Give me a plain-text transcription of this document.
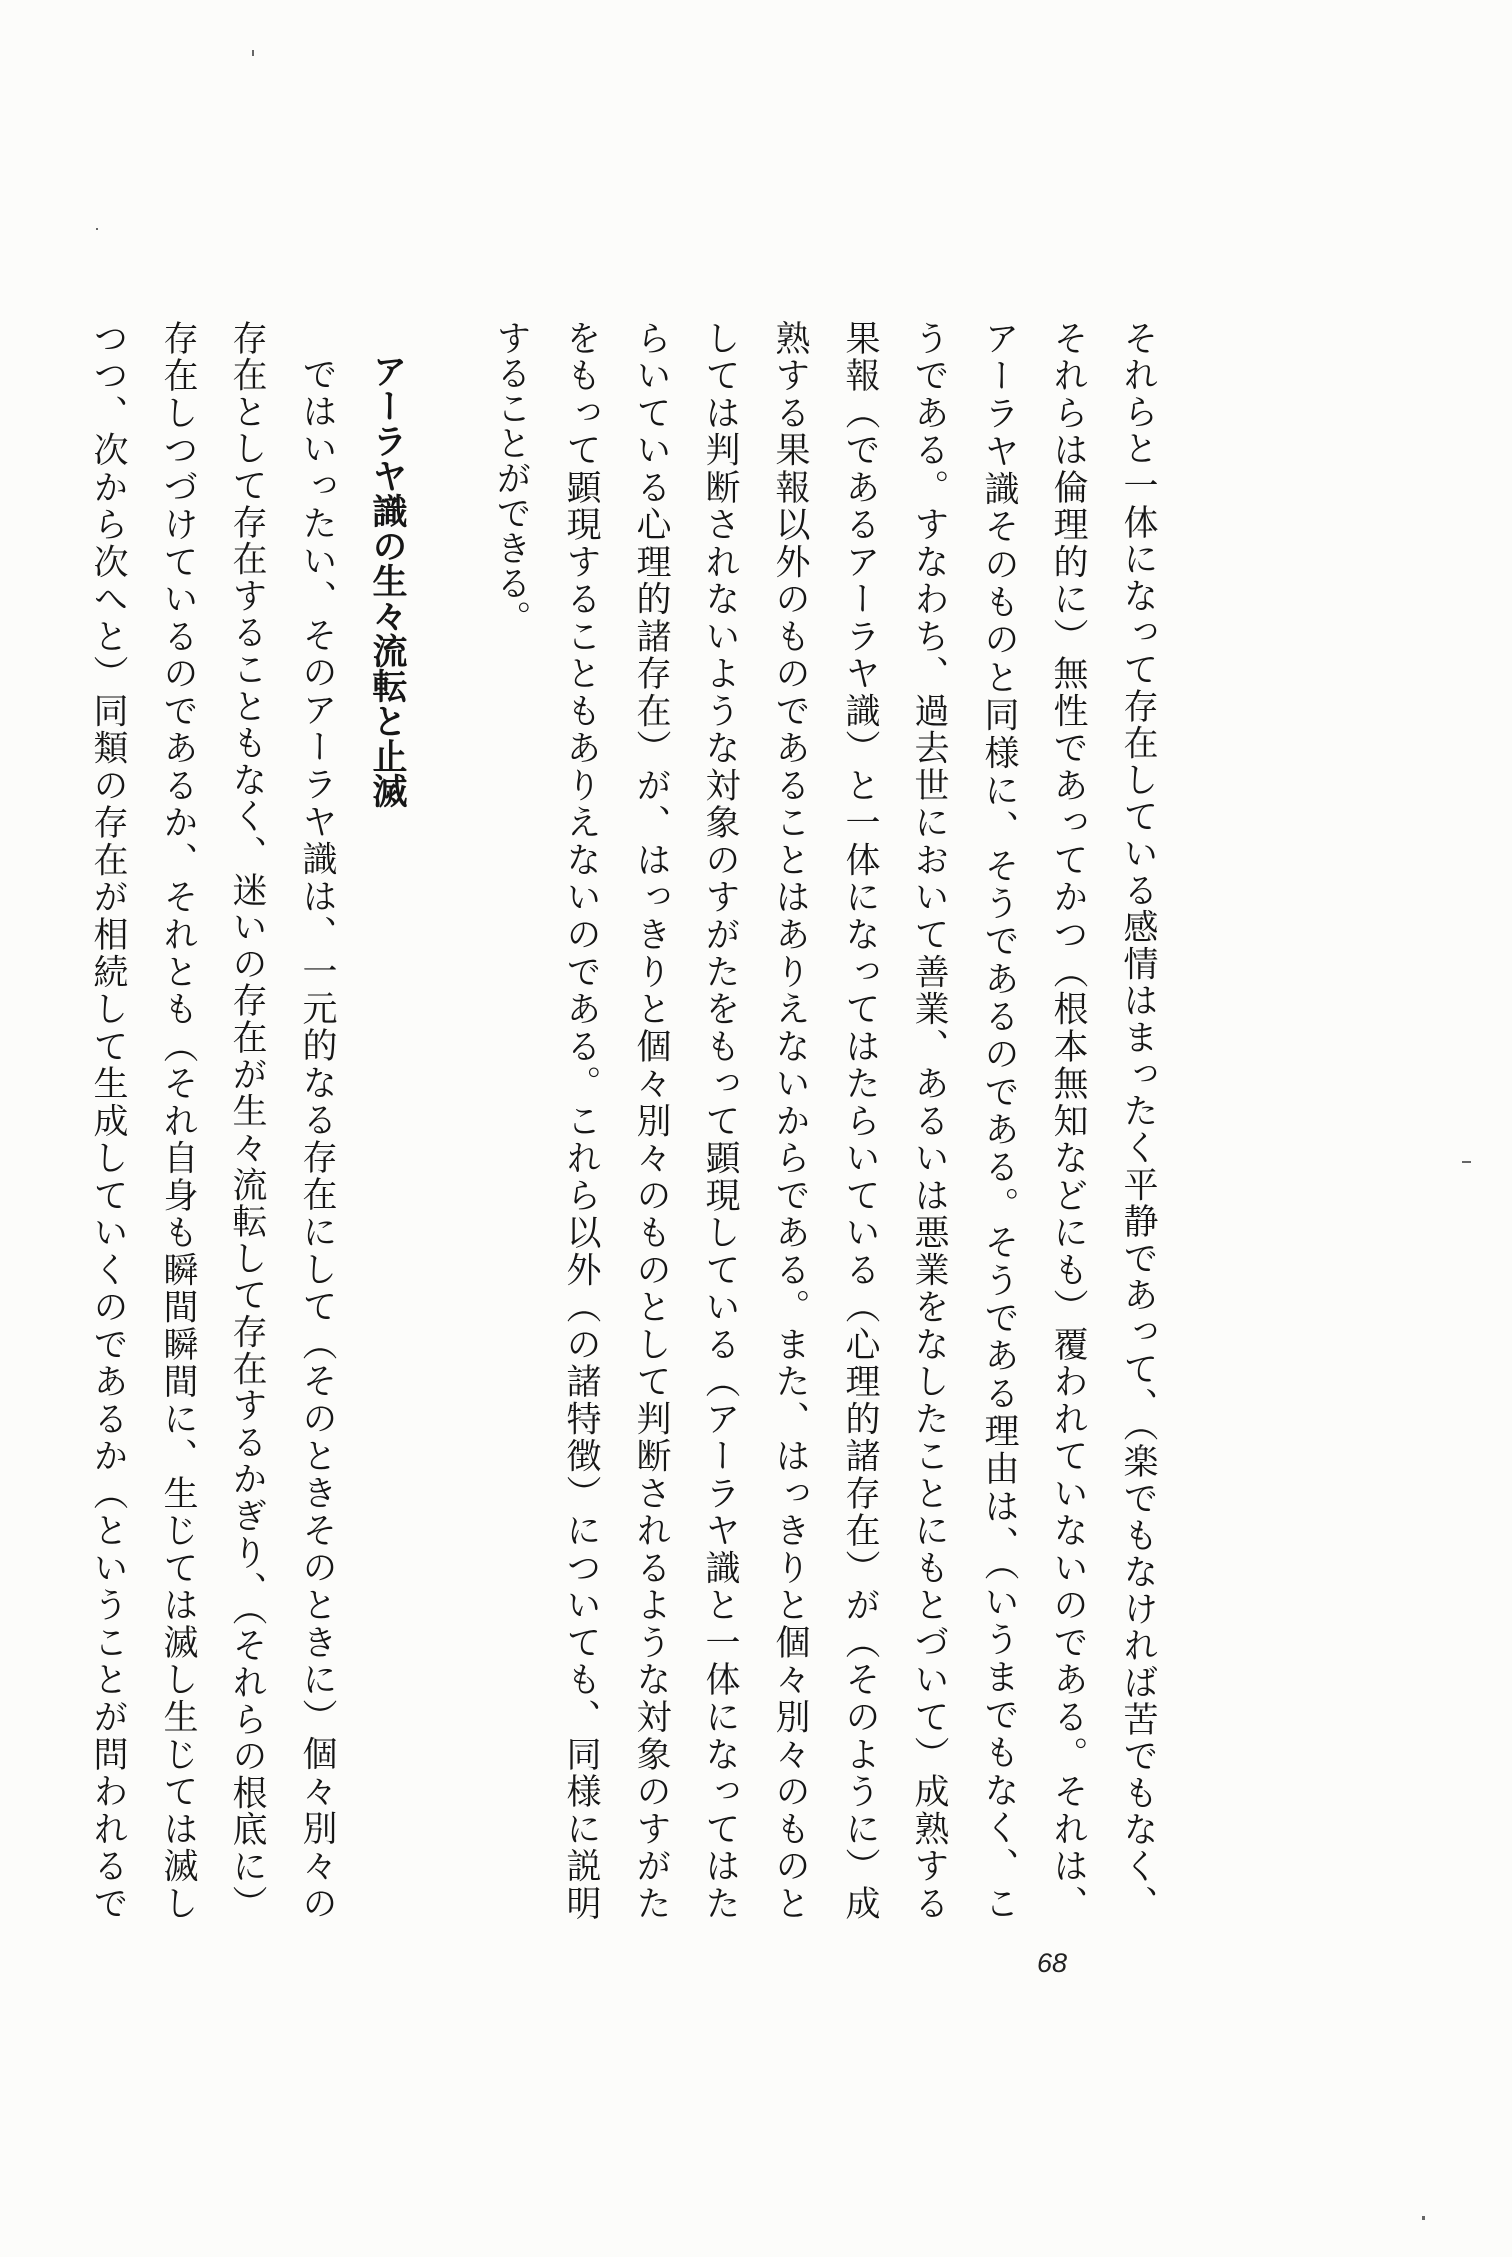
それらと一体になって存在している感情はまったく平静であって、（楽でもなければ苦でもなく、
それらは倫理的に）無性であってかつ（根本無知などにも）覆われていないのである。それは、
アーラヤ識そのものと同様に、そうであるのである。そうである理由は、（いうまでもなく、こ
うである。すなわち、過去世において善業、あるいは悪業をなしたことにもとづいて）成熟する
果報（であるアーラヤ識）と一体になってはたらいている（心理的諸存在）が（そのように）成
熟する果報以外のものであることはありえないからである。また、はっきりと個々別々のものと
しては判断されないような対象のすがたをもって顕現している（アーラヤ識と一体になってはた
らいている心理的諸存在）が、はっきりと個々別々のものとして判断されるような対象のすがた
をもって顕現することもありえないのである。これら以外（の諸特徴）についても、同様に説明
することができる。
アーラヤ識の生々流転と止滅
ではいったい、そのアーラヤ識は、一元的なる存在にして（そのときそのときに）個々別々の
存在として存在することもなく、迷いの存在が生々流転して存在するかぎり、（それらの根底に）
存在しつづけているのであるか、それとも（それ自身も瞬間瞬間に、生じては滅し生じては滅し
つつ、次から次へと）同類の存在が相続して生成していくのであるか（ということが問われるで
68
